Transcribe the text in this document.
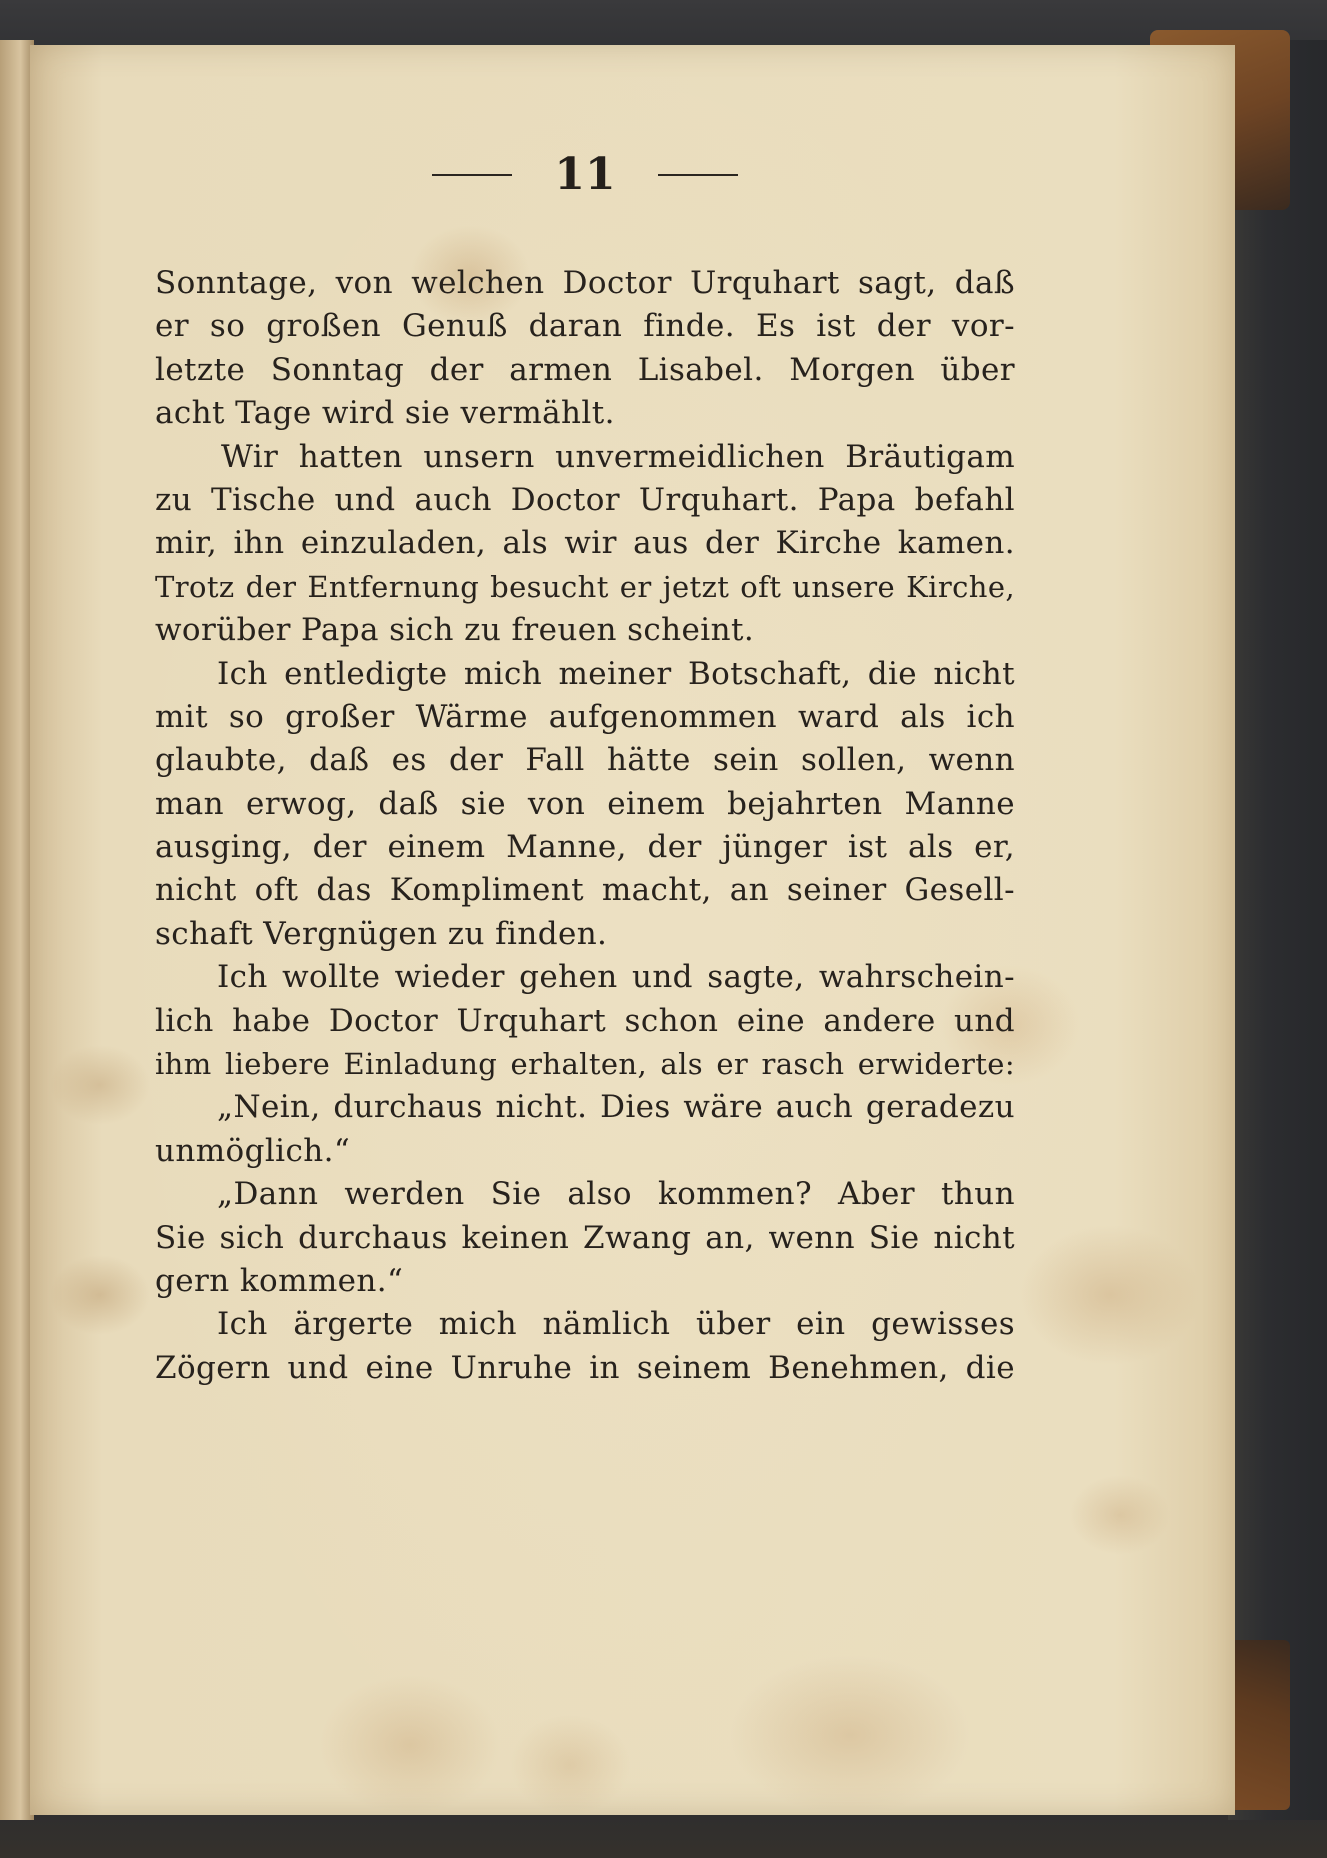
11
Sonntage, von welchen Doctor Urquhart sagt, daß
er so großen Genuß daran finde. Es ist der vor-
letzte Sonntag der armen Lisabel. Morgen über
acht Tage wird sie vermählt.
Wir hatten unsern unvermeidlichen Bräutigam
zu Tische und auch Doctor Urquhart. Papa befahl
mir, ihn einzuladen, als wir aus der Kirche kamen.
Trotz der Entfernung besucht er jetzt oft unsere Kirche,
worüber Papa sich zu freuen scheint.
Ich entledigte mich meiner Botschaft, die nicht
mit so großer Wärme aufgenommen ward als ich
glaubte, daß es der Fall hätte sein sollen, wenn
man erwog, daß sie von einem bejahrten Manne
ausging, der einem Manne, der jünger ist als er,
nicht oft das Kompliment macht, an seiner Gesell-
schaft Vergnügen zu finden.
Ich wollte wieder gehen und sagte, wahrschein-
lich habe Doctor Urquhart schon eine andere und
ihm liebere Einladung erhalten, als er rasch erwiderte:
„Nein, durchaus nicht. Dies wäre auch geradezu
unmöglich.“
„Dann werden Sie also kommen? Aber thun
Sie sich durchaus keinen Zwang an, wenn Sie nicht
gern kommen.“
Ich ärgerte mich nämlich über ein gewisses
Zögern und eine Unruhe in seinem Benehmen, die
